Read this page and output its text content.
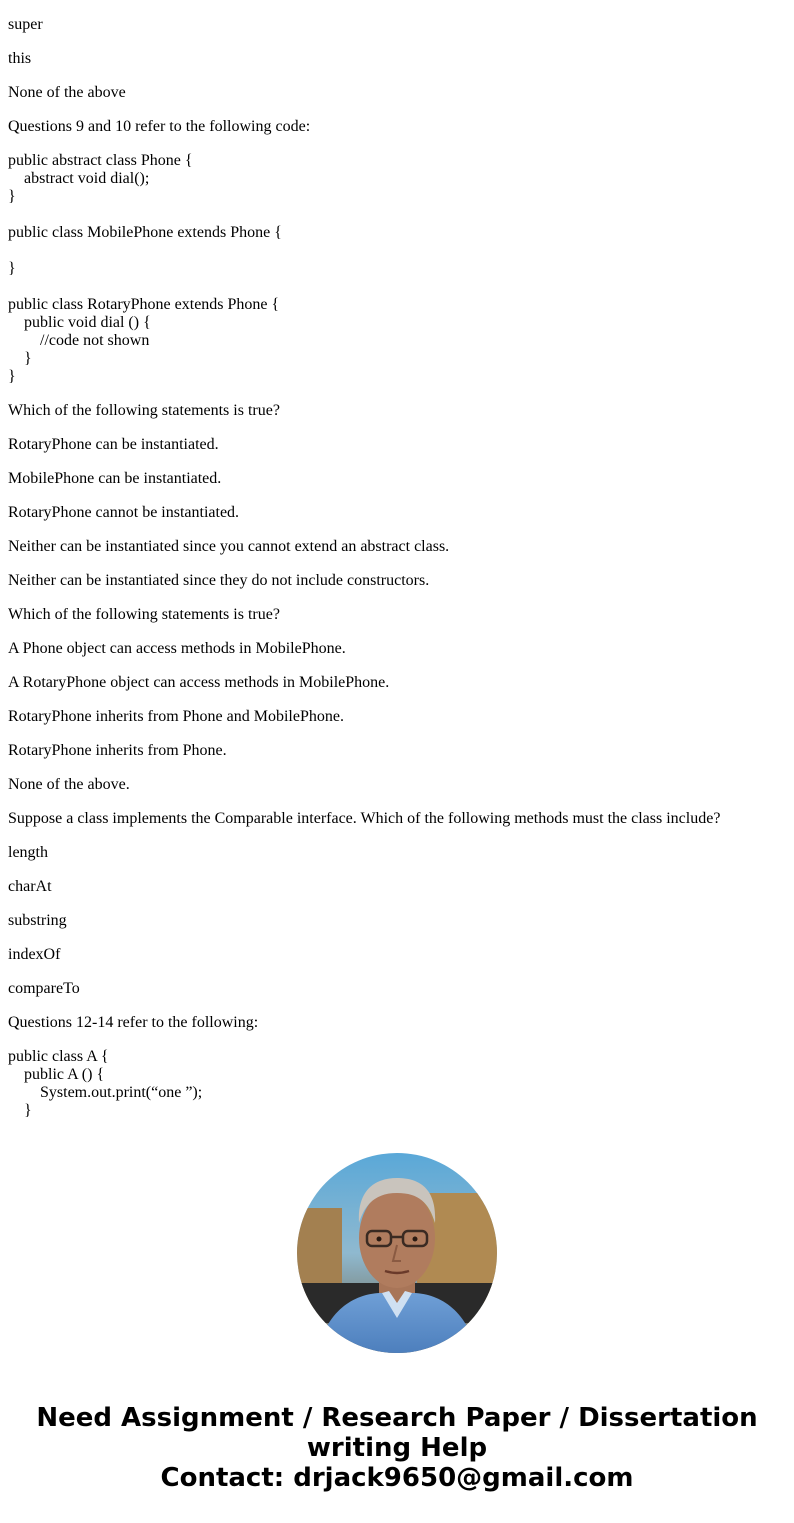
super

this

None of the above

Questions 9 and 10 refer to the following code:

public abstract class Phone {
abstract void dial();
}
public class MobilePhone extends Phone {
}
public class RotaryPhone extends Phone {
public void dial () {
//code not shown
}
}

Which of the following statements is true?

RotaryPhone can be instantiated.

MobilePhone can be instantiated.

RotaryPhone cannot be instantiated.

Neither can be instantiated since you cannot extend an abstract class.

Neither can be instantiated since they do not include constructors.

Which of the following statements is true?

A Phone object can access methods in MobilePhone.

A RotaryPhone object can access methods in MobilePhone.

RotaryPhone inherits from Phone and MobilePhone.

RotaryPhone inherits from Phone.

None of the above.

Suppose a class implements the Comparable interface. Which of the following methods must the class include?

length

charAt

substring

indexOf

compareTo

Questions 12-14 refer to the following:

public class A {
public A () {
System.out.print(“one ”);
}
Need Assignment / Research Paper / Dissertation
writing Help
Contact: drjack9650@gmail.com
